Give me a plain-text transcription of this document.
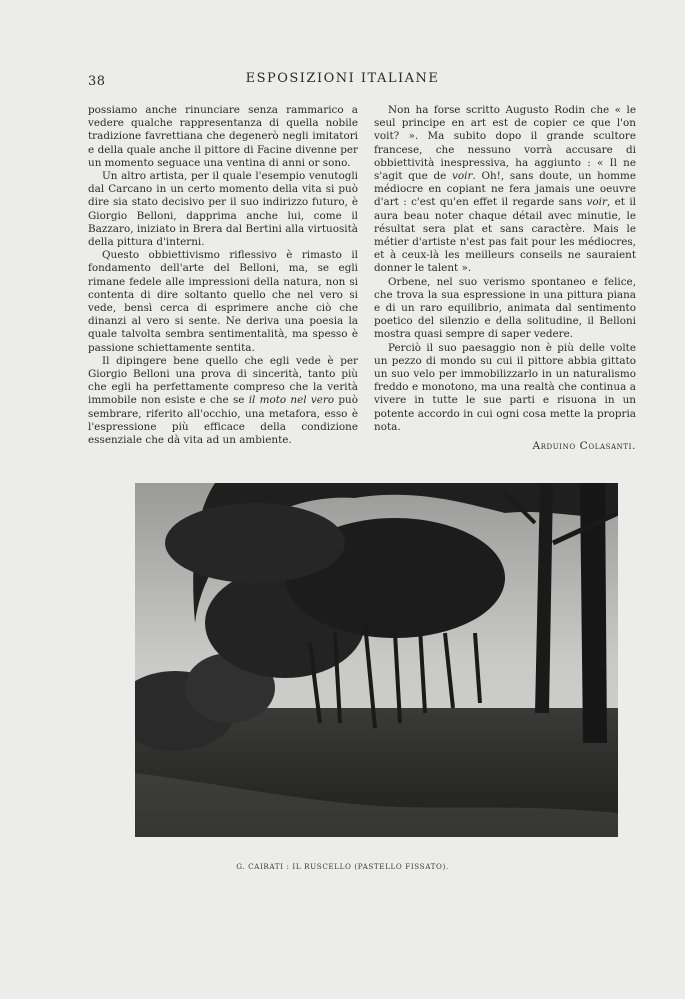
38	ESPOSIZIONI ITALIANE

possiamo anche rinunciare senza rammarico a vedere qualche rappresentanza di quella nobile tradizione favrettiana che degenerò negli imitatori e della quale anche il pittore di Facine divenne per un momento seguace una ventina di anni or sono.

Un altro artista, per il quale l'esempio venutogli dal Carcano in un certo momento della vita si può dire sia stato decisivo per il suo indirizzo futuro, è Giorgio Belloni, dapprima anche lui, come il Bazzaro, iniziato in Brera dal Bertini alla virtuosità della pittura d'interni.

Questo obbiettivismo riflessivo è rimasto il fondamento dell'arte del Belloni, ma, se egli rimane fedele alle impressioni della natura, non si contenta di dire soltanto quello che nel vero si vede, bensì cerca di esprimere anche ciò che dinanzi al vero si sente. Ne deriva una poesia la quale talvolta sembra sentimentalità, ma spesso è passione schiettamente sentita.

Il dipingere bene quello che egli vede è per Giorgio Belloni una prova di sincerità, tanto più che egli ha perfettamente compreso che la verità immobile non esiste e che se il moto nel vero può sembrare, riferito all'occhio, una metafora, esso è l'espressione più efficace della condizione essenziale che dà vita ad un ambiente.

Non ha forse scritto Augusto Rodin che « le seul principe en art est de copier ce que l'on voit? ». Ma subito dopo il grande scultore francese, che nessuno vorrà accusare di obbiettività inespressiva, ha aggiunto : « Il ne s'agit que de voir. Oh!, sans doute, un homme médiocre en copiant ne fera jamais une oeuvre d'art : c'est qu'en effet il regarde sans voir, et il aura beau noter chaque détail avec minutie, le résultat sera plat et sans caractère. Mais le métier d'artiste n'est pas fait pour les médiocres, et à ceux-là les meilleurs conseils ne sauraient donner le talent ».

Orbene, nel suo verismo spontaneo e felice, che trova la sua espressione in una pittura piana e di un raro equilibrio, animata dal sentimento poetico del silenzio e della solitudine, il Belloni mostra quasi sempre di saper vedere.

Perciò il suo paesaggio non è più delle volte un pezzo di mondo su cui il pittore abbia gittato un suo velo per immobilizzarlo in un naturalismo freddo e monotono, ma una realtà che continua a vivere in tutte le sue parti e risuona in un potente accordo in cui ogni cosa mette la propria nota.

Arduino Colasanti.

G. CAIRATI : IL RUSCELLO (PASTELLO FISSATO).
